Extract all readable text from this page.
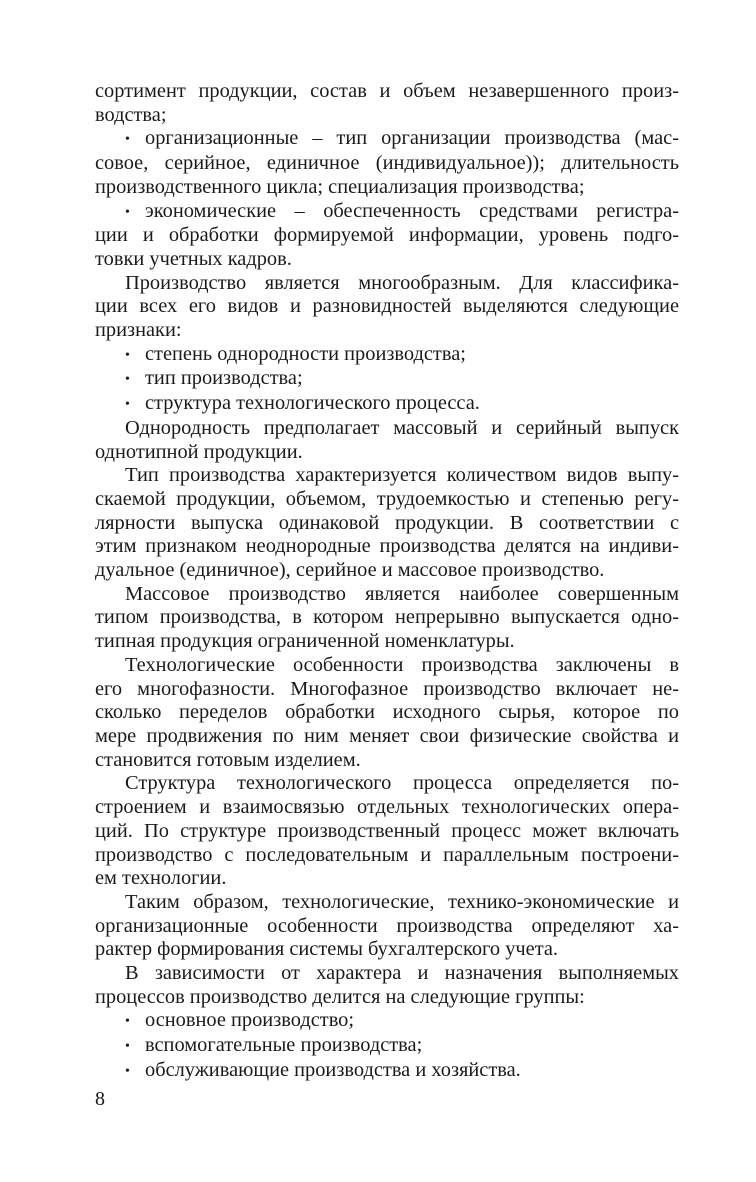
сортимент продукции, состав и объем незавершенного произ-
водства;
• организационные – тип организации производства (мас-
совое, серийное, единичное (индивидуальное)); длительность
производственного цикла; специализация производства;
• экономические – обеспеченность средствами регистра-
ции и обработки формируемой информации, уровень подго-
товки учетных кадров.
Производство является многообразным. Для классифика-
ции всех его видов и разновидностей выделяются следующие
признаки:
• степень однородности производства;
• тип производства;
• структура технологического процесса.
Однородность предполагает массовый и серийный выпуск
однотипной продукции.
Тип производства характеризуется количеством видов выпу-
скаемой продукции, объемом, трудоемкостью и степенью регу-
лярности выпуска одинаковой продукции. В соответствии с
этим признаком неоднородные производства делятся на индиви-
дуальное (единичное), серийное и массовое производство.
Массовое производство является наиболее совершенным
типом производства, в котором непрерывно выпускается одно-
типная продукция ограниченной номенклатуры.
Технологические особенности производства заключены в
его многофазности. Многофазное производство включает не-
сколько переделов обработки исходного сырья, которое по
мере продвижения по ним меняет свои физические свойства и
становится готовым изделием.
Структура технологического процесса определяется по-
строением и взаимосвязью отдельных технологических опера-
ций. По структуре производственный процесс может включать
производство с последовательным и параллельным построени-
ем технологии.
Таким образом, технологические, технико-экономические и
организационные особенности производства определяют ха-
рактер формирования системы бухгалтерского учета.
В зависимости от характера и назначения выполняемых
процессов производство делится на следующие группы:
• основное производство;
• вспомогательные производства;
• обслуживающие производства и хозяйства.
8
